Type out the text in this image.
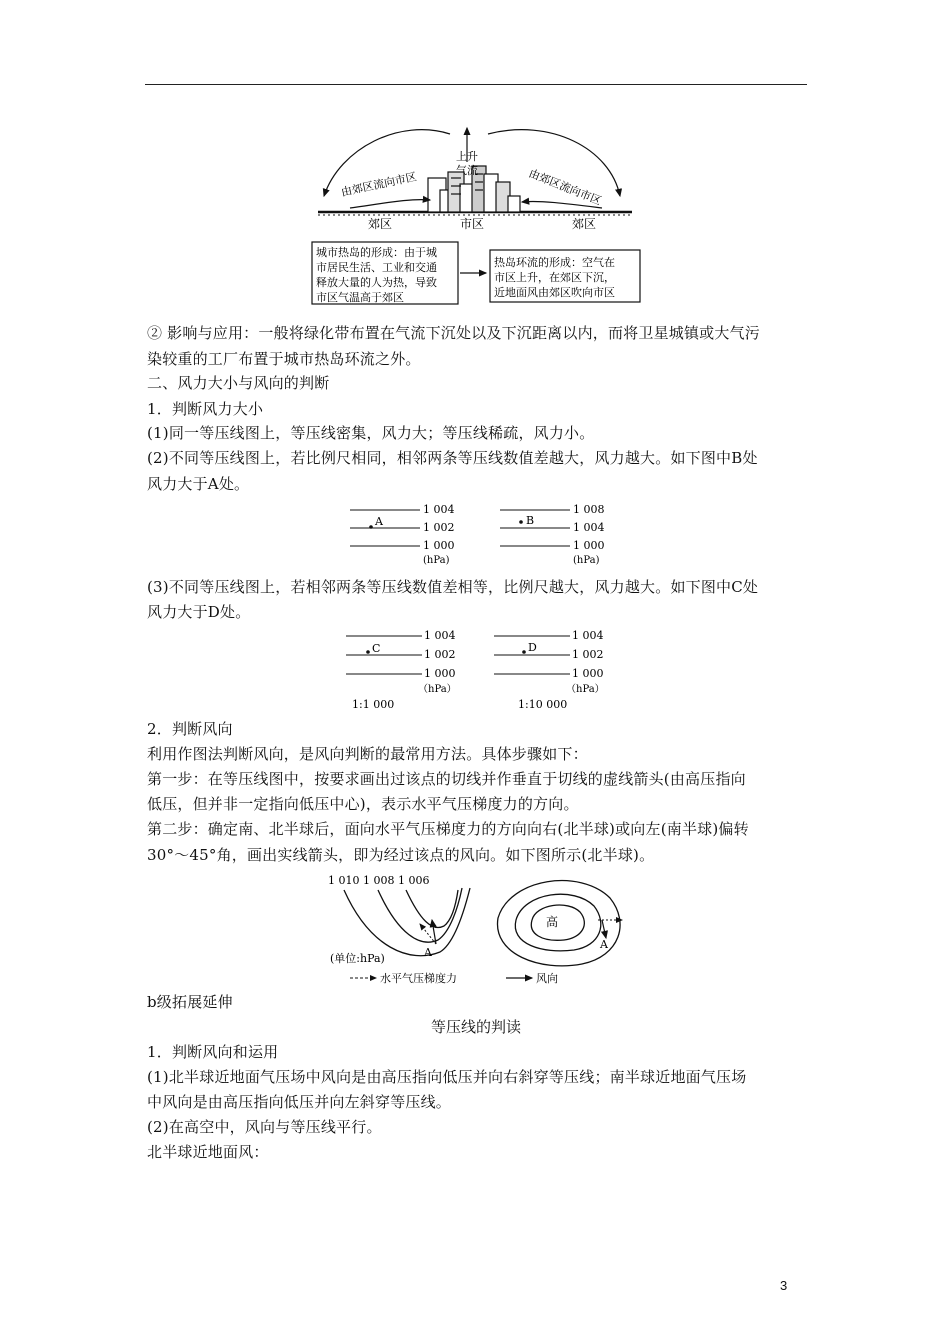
上升
气流
由郊区流向市区	由郊区流向市区
郊区	市区	郊区
城市热岛的形成：由于城
市居民生活、工业和交通
释放大量的人为热，导致
市区气温高于郊区
热岛环流的形成：空气在
市区上升，在郊区下沉，
近地面风由郊区吹向市区
② 影响与应用：一般将绿化带布置在气流下沉处以及下沉距离以内，而将卫星城镇或大气污
染较重的工厂布置于城市热岛环流之外。
二、风力大小与风向的判断
1．判断风力大小
(1)同一等压线图上，等压线密集，风力大；等压线稀疏，风力小。
(2)不同等压线图上，若比例尺相同，相邻两条等压线数值差越大，风力越大。如下图中B处
风力大于A处。
1 004
1 002
1 000
(hPa)
A
1 008
1 004
1 000
(hPa)
B
(3)不同等压线图上，若相邻两条等压线数值差相等，比例尺越大，风力越大。如下图中C处
风力大于D处。
1 004
1 002
1 000
（hPa）
C
1:1 000
1 004
1 002
1 000
（hPa）
D
1:10 000
2．判断风向
利用作图法判断风向，是风向判断的最常用方法。具体步骤如下：
第一步：在等压线图中，按要求画出过该点的切线并作垂直于切线的虚线箭头(由高压指向
低压，但并非一定指向低压中心)，表示水平气压梯度力的方向。
第二步：确定南、北半球后，面向水平气压梯度力的方向向右(北半球)或向左(南半球)偏转
30°～45°角，画出实线箭头，即为经过该点的风向。如下图所示(北半球)。
1 010 1 008 1 006
A
高
A
(单位:hPa)
水平气压梯度力	风向
b级拓展延伸
等压线的判读
1．判断风向和运用
(1)北半球近地面气压场中风向是由高压指向低压并向右斜穿等压线；南半球近地面气压场
中风向是由高压指向低压并向左斜穿等压线。
(2)在高空中，风向与等压线平行。
北半球近地面风：
3
